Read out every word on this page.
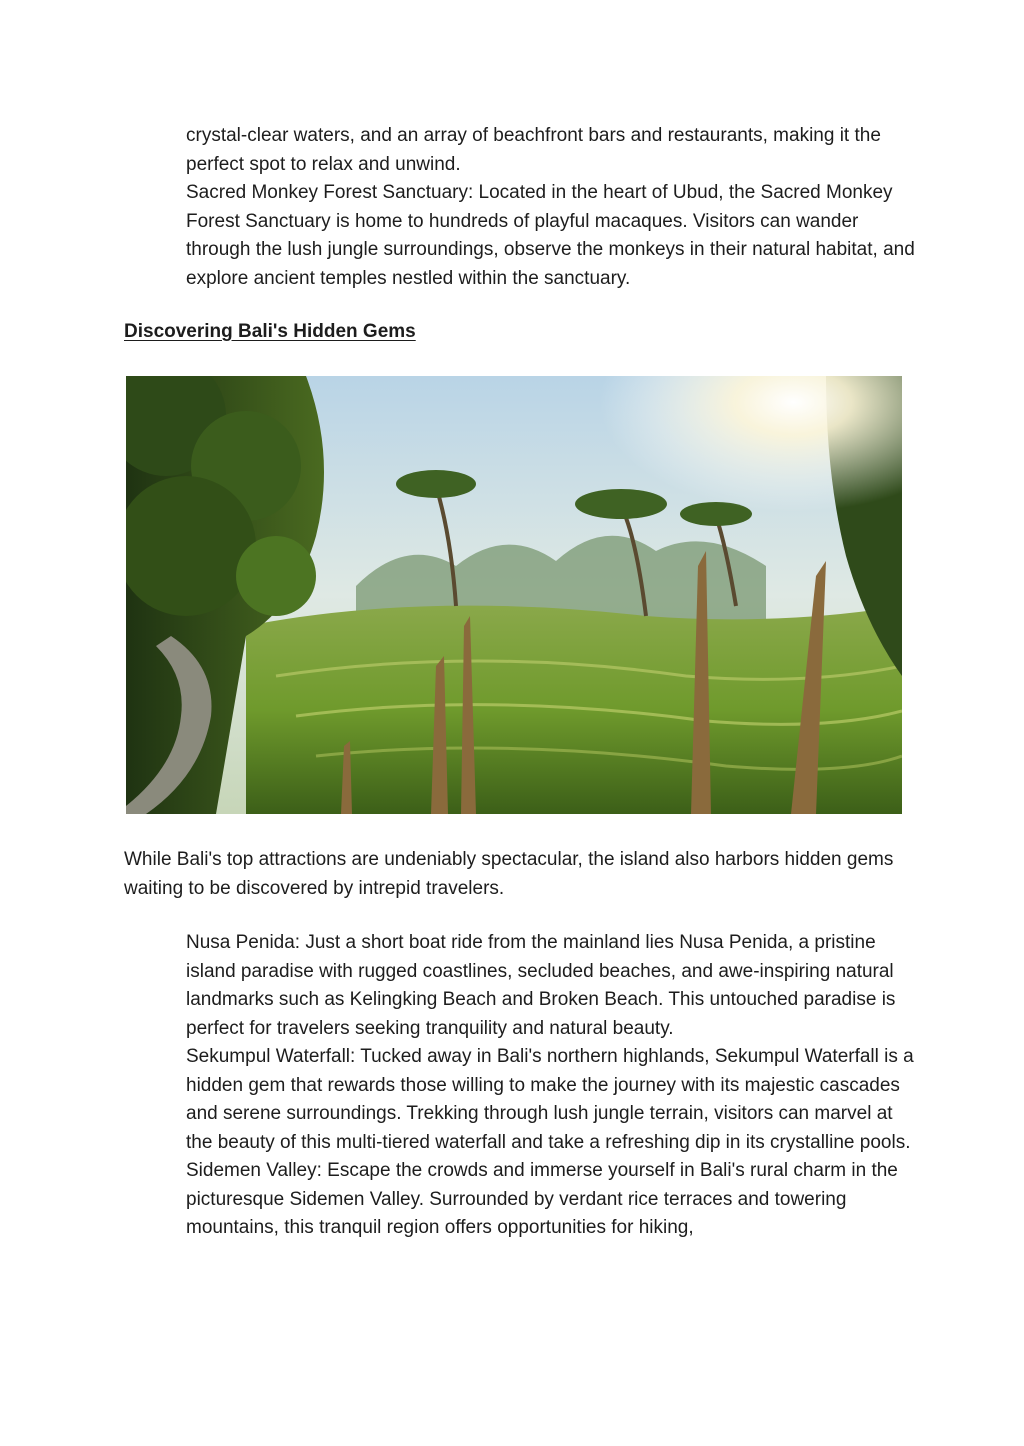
crystal-clear waters, and an array of beachfront bars and restaurants, making it the perfect spot to relax and unwind.
Sacred Monkey Forest Sanctuary: Located in the heart of Ubud, the Sacred Monkey Forest Sanctuary is home to hundreds of playful macaques. Visitors can wander through the lush jungle surroundings, observe the monkeys in their natural habitat, and explore ancient temples nestled within the sanctuary.
Discovering Bali's Hidden Gems

While Bali's top attractions are undeniably spectacular, the island also harbors hidden gems waiting to be discovered by intrepid travelers.

Nusa Penida: Just a short boat ride from the mainland lies Nusa Penida, a pristine island paradise with rugged coastlines, secluded beaches, and awe-inspiring natural landmarks such as Kelingking Beach and Broken Beach. This untouched paradise is perfect for travelers seeking tranquility and natural beauty.
Sekumpul Waterfall: Tucked away in Bali's northern highlands, Sekumpul Waterfall is a hidden gem that rewards those willing to make the journey with its majestic cascades and serene surroundings. Trekking through lush jungle terrain, visitors can marvel at the beauty of this multi-tiered waterfall and take a refreshing dip in its crystalline pools.
Sidemen Valley: Escape the crowds and immerse yourself in Bali's rural charm in the picturesque Sidemen Valley. Surrounded by verdant rice terraces and towering mountains, this tranquil region offers opportunities for hiking,
